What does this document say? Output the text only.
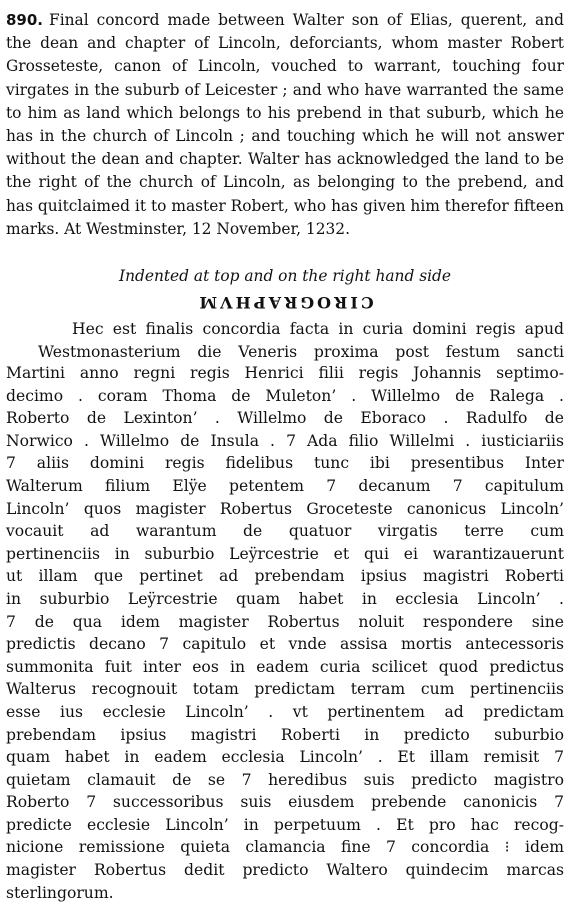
890. Final concord made between Walter son of Elias, querent, and the dean and chapter of Lincoln, deforciants, whom master Robert Grosseteste, canon of Lincoln, vouched to warrant, touching four virgates in the suburb of Leicester ; and who have warranted the same to him as land which belongs to his prebend in that suburb, which he has in the church of Lincoln ; and touching which he will not answer without the dean and chapter. Walter has acknowledged the land to be the right of the church of Lincoln, as belonging to the prebend, and has quitclaimed it to master Robert, who has given him therefor fifteen marks. At Westminster, 12 November, 1232.

Indented at top and on the right hand side

CIROGRAPHVM

Hec est finalis concordia facta in curia domini regis apud
Westmonasterium die Veneris proxima post festum sancti
Martini anno regni regis Henrici filii regis Johannis septimo-
decimo . coram Thoma de Muleton’ . Willelmo de Ralega .
Roberto de Lexinton’ . Willelmo de Eboraco . Radulfo de
Norwico . Willelmo de Insula . 7 Ada filio Willelmi . iusticiariis
7 aliis domini regis fidelibus tunc ibi presentibus Inter
Walterum filium Elÿe petentem 7 decanum 7 capitulum
Lincoln’ quos magister Robertus Groceteste canonicus Lincoln’
vocauit ad warantum de quatuor virgatis terre cum
pertinenciis in suburbio Leÿrcestrie et qui ei warantizauerunt
ut illam que pertinet ad prebendam ipsius magistri Roberti
in suburbio Leÿrcestrie quam habet in ecclesia Lincoln’ .
7 de qua idem magister Robertus noluit respondere sine
predictis decano 7 capitulo et vnde assisa mortis antecessoris
summonita fuit inter eos in eadem curia scilicet quod predictus
Walterus recognouit totam predictam terram cum pertinenciis
esse ius ecclesie Lincoln’ . vt pertinentem ad predictam
prebendam ipsius magistri Roberti in predicto suburbio
quam habet in eadem ecclesia Lincoln’ . Et illam remisit 7
quietam clamauit de se 7 heredibus suis predicto magistro
Roberto 7 successoribus suis eiusdem prebende canonicis 7
predicte ecclesie Lincoln’ in perpetuum . Et pro hac recog-
nicione remissione quieta clamancia fine 7 concordia ⁝ idem
magister Robertus dedit predicto Waltero quindecim marcas
sterlingorum.
